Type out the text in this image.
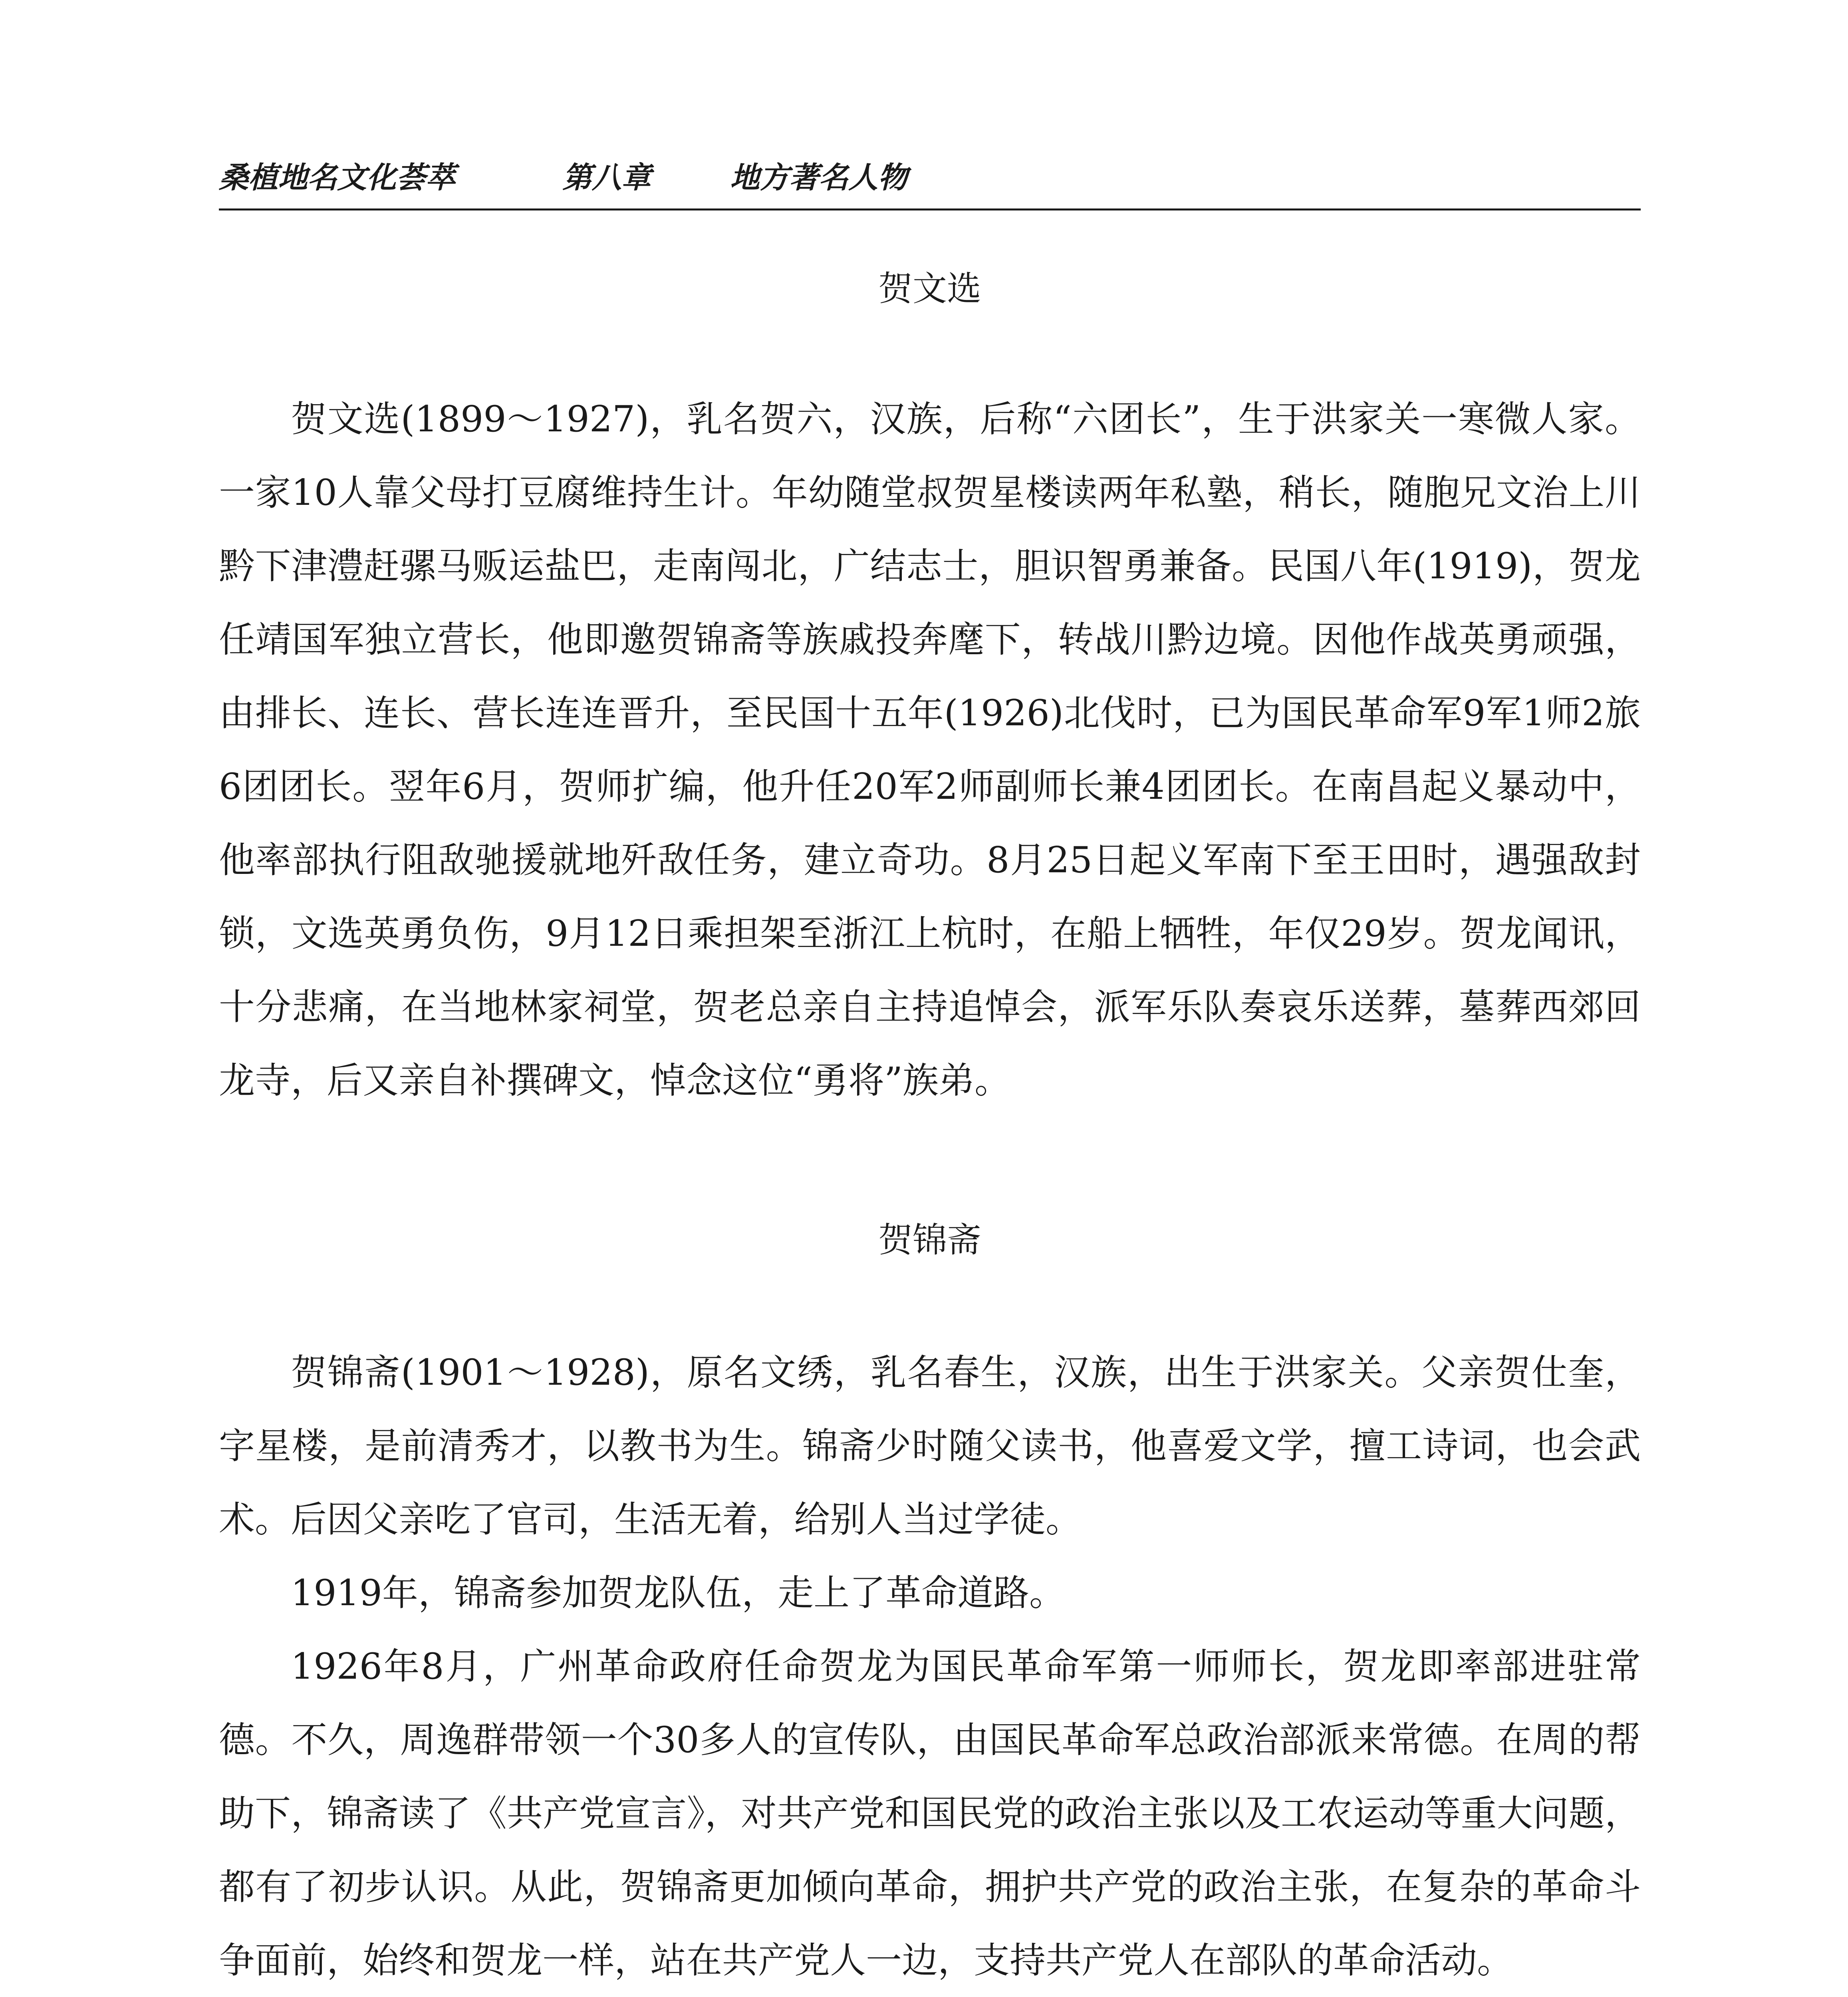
桑植地名文化荟萃	第八章	地方著名人物
贺文选

贺文选(1899～1927)，乳名贺六，汉族，后称“六团长”，生于洪家关一寒微人家。一家10人靠父母打豆腐维持生计。年幼随堂叔贺星楼读两年私塾，稍长，随胞兄文治上川黔下津澧赶骡马贩运盐巴，走南闯北，广结志士，胆识智勇兼备。民国八年(1919)，贺龙任靖国军独立营长，他即邀贺锦斋等族戚投奔麾下，转战川黔边境。因他作战英勇顽强，由排长、连长、营长连连晋升，至民国十五年(1926)北伐时，已为国民革命军9军1师2旅6团团长。翌年6月，贺师扩编，他升任20军2师副师长兼4团团长。在南昌起义暴动中，他率部执行阻敌驰援就地歼敌任务，建立奇功。8月25日起义军南下至王田时，遇强敌封锁，文选英勇负伤，9月12日乘担架至浙江上杭时，在船上牺牲，年仅29岁。贺龙闻讯，十分悲痛，在当地林家祠堂，贺老总亲自主持追悼会，派军乐队奏哀乐送葬，墓葬西郊回龙寺，后又亲自补撰碑文，悼念这位“勇将”族弟。

贺锦斋

贺锦斋(1901～1928)，原名文绣，乳名春生，汉族，出生于洪家关。父亲贺仕奎，字星楼，是前清秀才，以教书为生。锦斋少时随父读书，他喜爱文学，擅工诗词，也会武术。后因父亲吃了官司，生活无着，给别人当过学徒。

1919年，锦斋参加贺龙队伍，走上了革命道路。

1926年8月，广州革命政府任命贺龙为国民革命军第一师师长，贺龙即率部进驻常德。不久，周逸群带领一个30多人的宣传队，由国民革命军总政治部派来常德。在周的帮助下，锦斋读了《共产党宣言》，对共产党和国民党的政治主张以及工农运动等重大问题，都有了初步认识。从此，贺锦斋更加倾向革命，拥护共产党的政治主张，在复杂的革命斗争面前，始终和贺龙一样，站在共产党人一边，支持共产党人在部队的革命活动。
